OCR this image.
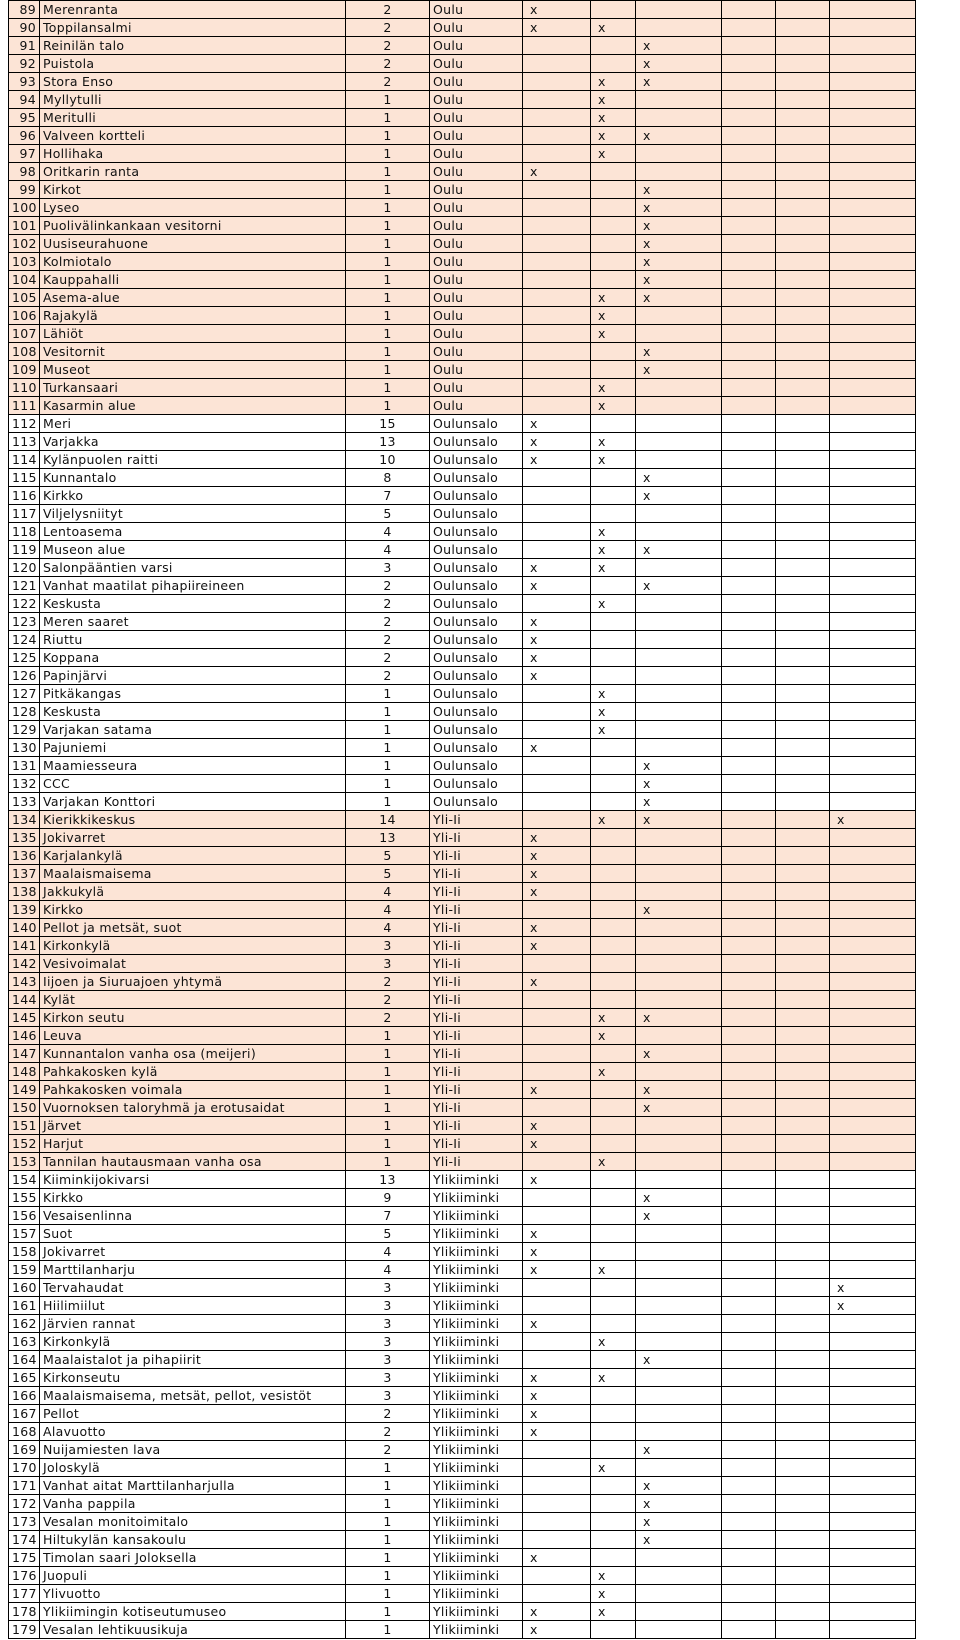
89	Merenranta	2	Oulu	x					
90	Toppilansalmi	2	Oulu	x	x				
91	Reinilän talo	2	Oulu			x			
92	Puistola	2	Oulu			x			
93	Stora Enso	2	Oulu		x	x			
94	Myllytulli	1	Oulu		x				
95	Meritulli	1	Oulu		x				
96	Valveen kortteli	1	Oulu		x	x			
97	Hollihaka	1	Oulu		x				
98	Oritkarin ranta	1	Oulu	x					
99	Kirkot	1	Oulu			x			
100	Lyseo	1	Oulu			x			
101	Puolivälinkankaan vesitorni	1	Oulu			x			
102	Uusiseurahuone	1	Oulu			x			
103	Kolmiotalo	1	Oulu			x			
104	Kauppahalli	1	Oulu			x			
105	Asema-alue	1	Oulu		x	x			
106	Rajakylä	1	Oulu		x				
107	Lähiöt	1	Oulu		x				
108	Vesitornit	1	Oulu			x			
109	Museot	1	Oulu			x			
110	Turkansaari	1	Oulu		x				
111	Kasarmin alue	1	Oulu		x				
112	Meri	15	Oulunsalo	x					
113	Varjakka	13	Oulunsalo	x	x				
114	Kylänpuolen raitti	10	Oulunsalo	x	x				
115	Kunnantalo	8	Oulunsalo			x			
116	Kirkko	7	Oulunsalo			x			
117	Viljelysniityt	5	Oulunsalo						
118	Lentoasema	4	Oulunsalo		x				
119	Museon alue	4	Oulunsalo		x	x			
120	Salonpääntien varsi	3	Oulunsalo	x	x				
121	Vanhat maatilat pihapiireineen	2	Oulunsalo	x		x			
122	Keskusta	2	Oulunsalo		x				
123	Meren saaret	2	Oulunsalo	x					
124	Riuttu	2	Oulunsalo	x					
125	Koppana	2	Oulunsalo	x					
126	Papinjärvi	2	Oulunsalo	x					
127	Pitkäkangas	1	Oulunsalo		x				
128	Keskusta	1	Oulunsalo		x				
129	Varjakan satama	1	Oulunsalo		x				
130	Pajuniemi	1	Oulunsalo	x					
131	Maamiesseura	1	Oulunsalo			x			
132	CCC	1	Oulunsalo			x			
133	Varjakan Konttori	1	Oulunsalo			x			
134	Kierikkikeskus	14	Yli-Ii		x	x			x
135	Jokivarret	13	Yli-Ii	x					
136	Karjalankylä	5	Yli-Ii	x					
137	Maalaismaisema	5	Yli-Ii	x					
138	Jakkukylä	4	Yli-Ii	x					
139	Kirkko	4	Yli-Ii			x			
140	Pellot ja metsät, suot	4	Yli-Ii	x					
141	Kirkonkylä	3	Yli-Ii	x					
142	Vesivoimalat	3	Yli-Ii						
143	Iijoen ja Siuruajoen yhtymä	2	Yli-Ii	x					
144	Kylät	2	Yli-Ii						
145	Kirkon seutu	2	Yli-Ii		x	x			
146	Leuva	1	Yli-Ii		x				
147	Kunnantalon vanha osa (meijeri)	1	Yli-Ii			x			
148	Pahkakosken kylä	1	Yli-Ii		x				
149	Pahkakosken voimala	1	Yli-Ii	x		x			
150	Vuornoksen taloryhmä ja erotusaidat	1	Yli-Ii			x			
151	Järvet	1	Yli-Ii	x					
152	Harjut	1	Yli-Ii	x					
153	Tannilan hautausmaan vanha osa	1	Yli-Ii		x				
154	Kiiminkijokivarsi	13	Ylikiiminki	x					
155	Kirkko	9	Ylikiiminki			x			
156	Vesaisenlinna	7	Ylikiiminki			x			
157	Suot	5	Ylikiiminki	x					
158	Jokivarret	4	Ylikiiminki	x					
159	Marttilanharju	4	Ylikiiminki	x	x				
160	Tervahaudat	3	Ylikiiminki						x
161	Hiilimiilut	3	Ylikiiminki						x
162	Järvien rannat	3	Ylikiiminki	x					
163	Kirkonkylä	3	Ylikiiminki		x				
164	Maalaistalot ja pihapiirit	3	Ylikiiminki			x			
165	Kirkonseutu	3	Ylikiiminki	x	x				
166	Maalaismaisema, metsät, pellot, vesistöt	3	Ylikiiminki	x					
167	Pellot	2	Ylikiiminki	x					
168	Alavuotto	2	Ylikiiminki	x					
169	Nuijamiesten lava	2	Ylikiiminki			x			
170	Joloskylä	1	Ylikiiminki		x				
171	Vanhat aitat Marttilanharjulla	1	Ylikiiminki			x			
172	Vanha pappila	1	Ylikiiminki			x			
173	Vesalan monitoimitalo	1	Ylikiiminki			x			
174	Hiltukylän kansakoulu	1	Ylikiiminki			x			
175	Timolan saari Joloksella	1	Ylikiiminki	x					
176	Juopuli	1	Ylikiiminki		x				
177	Ylivuotto	1	Ylikiiminki		x				
178	Ylikiimingin kotiseutumuseo	1	Ylikiiminki	x	x				
179	Vesalan lehtikuusikuja	1	Ylikiiminki	x					
